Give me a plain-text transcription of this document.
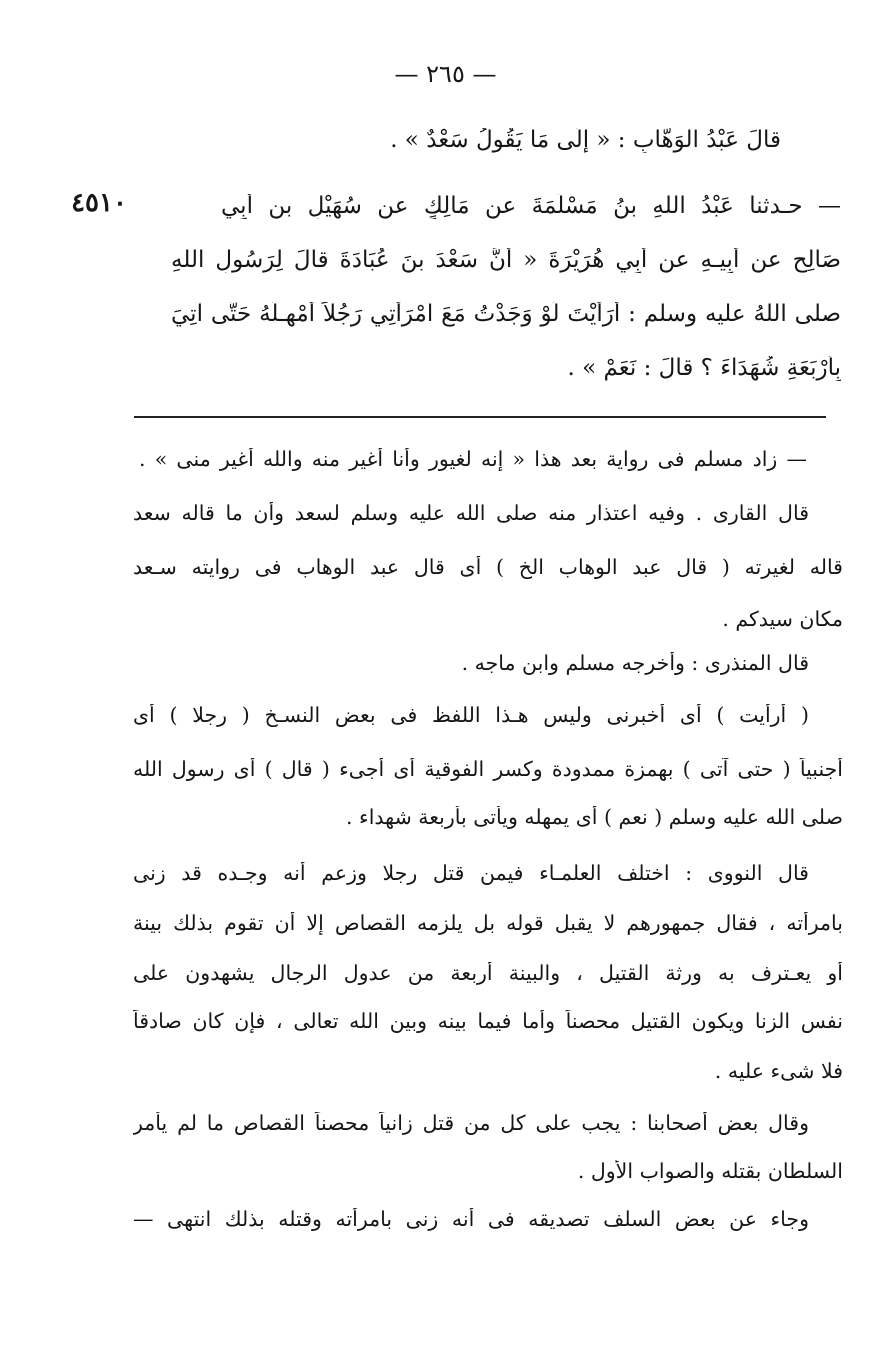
— ٢٦٥ —
قالَ عَبْدُ الْوَهّابِ : « إِلَى مَا يَقُولُ سَعْدٌ » .
— حـدثنا عَبْدُ اللهِ بنُ مَسْلَمَةَ عن مَالِكٍ عن سُهَيْلِ بنِ أَبِي
٤٥١٠
صَالِحٍ عن أَبِيـهِ عن أَبِي هُرَيْرَةَ « أَنَّ سَعْدَ بنَ عُبَادَةَ قالَ لِرَسُولِ اللهِ
صلى اللهُ عليه وسلم : أَرَأَيْتَ لَوْ وَجَدْتُ مَعَ امْرَأَتِي رَجُلاً أُمْهِـلُهُ حَتَّى آتِيَ
بِأَرْبَعَةِ شُهَدَاءَ ؟ قالَ : نَعَمْ » .
— زاد مسلم فى رواية بعد هذا « إنه لغيور وأنا أغير منه والله أغير منى » .
قال القارى . وفيه اعتذار منه صلى الله عليه وسلم لسعد وأن ما قاله سعد
قاله لغيرته ( قال عبد الوهاب الخ ) أى قال عبد الوهاب فى روايته سـعد
مكان سيدكم .
قال المنذرى : وأخرجه مسلم وابن ماجه .
( أرأيت ) أى أخبرنى وليس هـذا اللفظ فى بعض النسـخ ( رجلا ) أى
أجنبياً ( حتى آتى ) بهمزة ممدودة وكسر الفوقية أى أجىء ( قال ) أى رسول الله
صلى الله عليه وسلم ( نعم ) أى يمهله ويأتى بأربعة شهداء .
قال النووى : اختلف العلمـاء فيمن قتل رجلا وزعم أنه وجـده قد زنى
بامرأته ، فقال جمهورهم لا يقبل قوله بل يلزمه القصاص إلا أن تقوم بذلك بينة
أو يعـترف به ورثة القتيل ، والبينة أربعة من عدول الرجال يشهدون على
نفس الزنا ويكون القتيل محصناً وأما فيما بينه وبين الله تعالى ، فإن كان صادقاً
فلا شىء عليه .
وقال بعض أصحابنا : يجب على كل من قتل زانياً محصناً القصاص ما لم يأمر
السلطان بقتله والصواب الأول .
وجاء عن بعض السلف تصديقه فى أنه زنى بامرأته وقتله بذلك انتهى —
